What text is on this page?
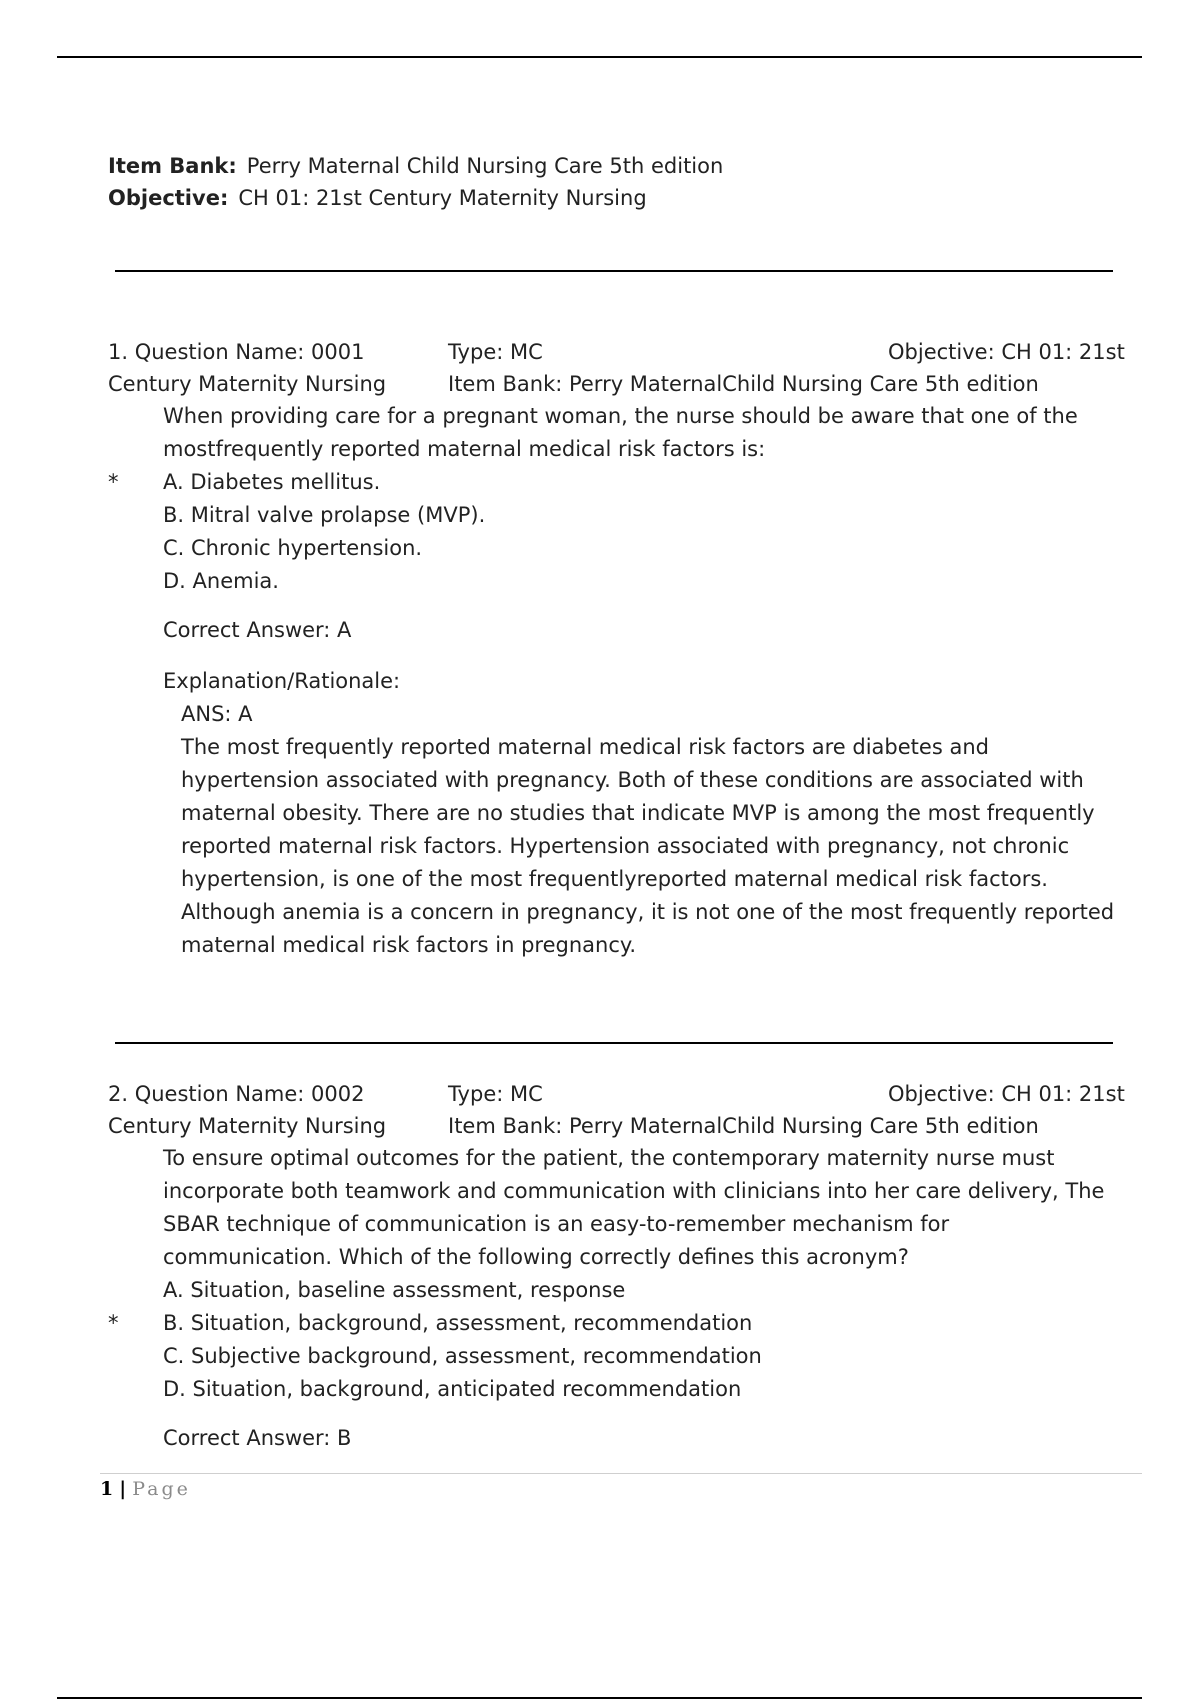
Item Bank: Perry Maternal Child Nursing Care 5th edition
Objective: CH 01: 21st Century Maternity Nursing
1. Question Name: 0001	Type: MC	Objective: CH 01: 21st
Century Maternity Nursing	Item Bank: Perry MaternalChild Nursing Care 5th edition
When providing care for a pregnant woman, the nurse should be aware that one of the mostfrequently reported maternal medical risk factors is:
* A. Diabetes mellitus.
B. Mitral valve prolapse (MVP).
C. Chronic hypertension.
D. Anemia.
Correct Answer: A
Explanation/Rationale:
ANS: A
The most frequently reported maternal medical risk factors are diabetes and hypertension associated with pregnancy. Both of these conditions are associated with maternal obesity. There are no studies that indicate MVP is among the most frequently reported maternal risk factors. Hypertension associated with pregnancy, not chronic hypertension, is one of the most frequentlyreported maternal medical risk factors. Although anemia is a concern in pregnancy, it is not one of the most frequently reported maternal medical risk factors in pregnancy.
2. Question Name: 0002	Type: MC	Objective: CH 01: 21st
Century Maternity Nursing	Item Bank: Perry MaternalChild Nursing Care 5th edition
To ensure optimal outcomes for the patient, the contemporary maternity nurse must incorporate both teamwork and communication with clinicians into her care delivery, The SBAR technique of communication is an easy-to-remember mechanism for communication. Which of the following correctly defines this acronym?
A. Situation, baseline assessment, response
* B. Situation, background, assessment, recommendation
C. Subjective background, assessment, recommendation
D. Situation, background, anticipated recommendation
Correct Answer: B
1 | Page
